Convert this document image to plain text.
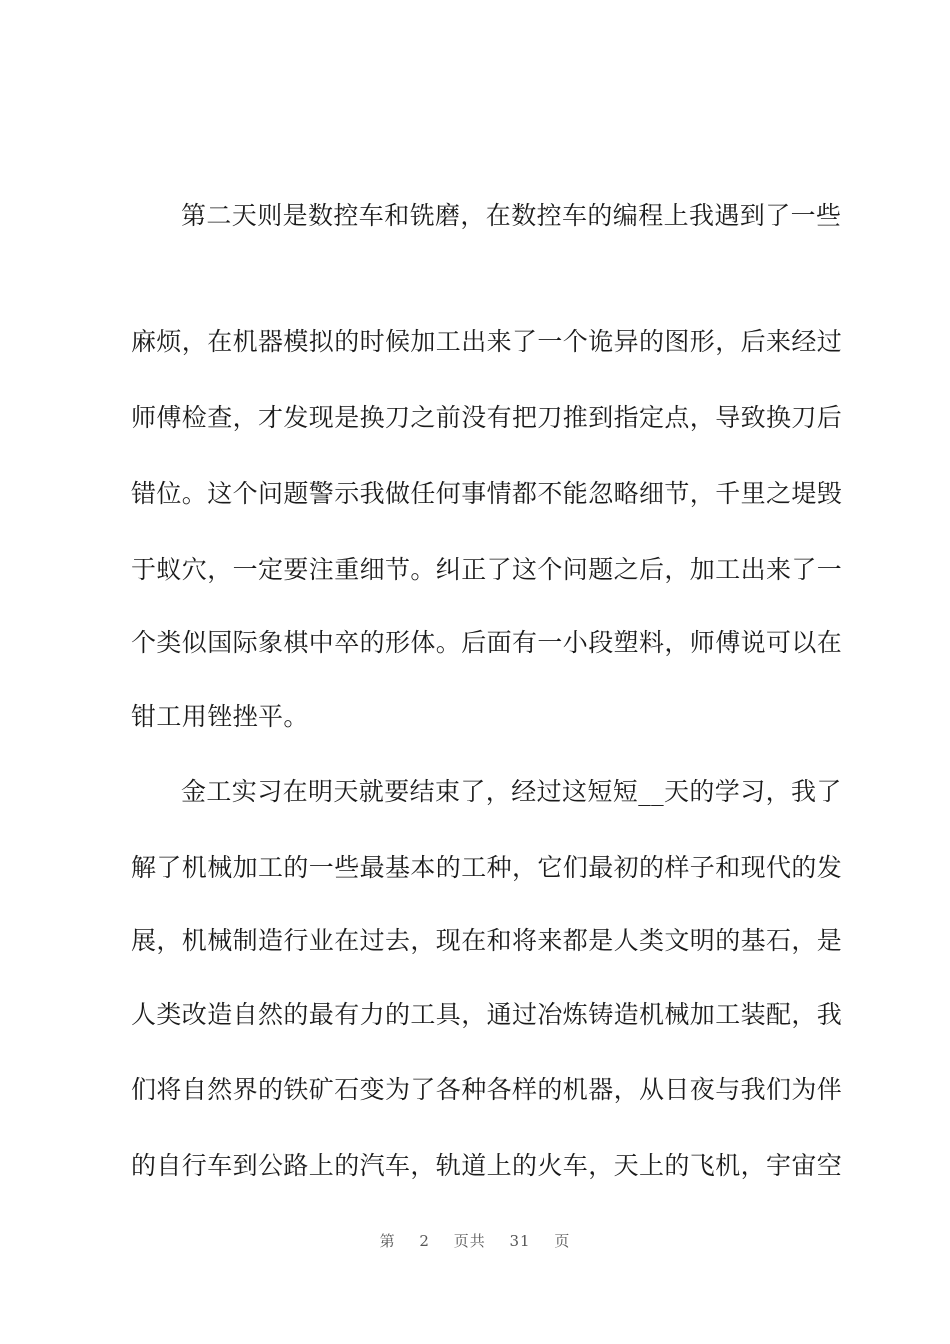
第二天则是数控车和铣磨，在数控车的编程上我遇到了一些
麻烦，在机器模拟的时候加工出来了一个诡异的图形，后来经过
师傅检查，才发现是换刀之前没有把刀推到指定点，导致换刀后
错位。这个问题警示我做任何事情都不能忽略细节，千里之堤毁
于蚁穴，一定要注重细节。纠正了这个问题之后，加工出来了一
个类似国际象棋中卒的形体。后面有一小段塑料，师傅说可以在
钳工用锉挫平。
金工实习在明天就要结束了，经过这短短__天的学习，我了
解了机械加工的一些最基本的工种，它们最初的样子和现代的发
展，机械制造行业在过去，现在和将来都是人类文明的基石，是
人类改造自然的最有力的工具，通过冶炼铸造机械加工装配，我
们将自然界的铁矿石变为了各种各样的机器，从日夜与我们为伴
的自行车到公路上的汽车，轨道上的火车，天上的飞机，宇宙空
第 2 页共 31 页
